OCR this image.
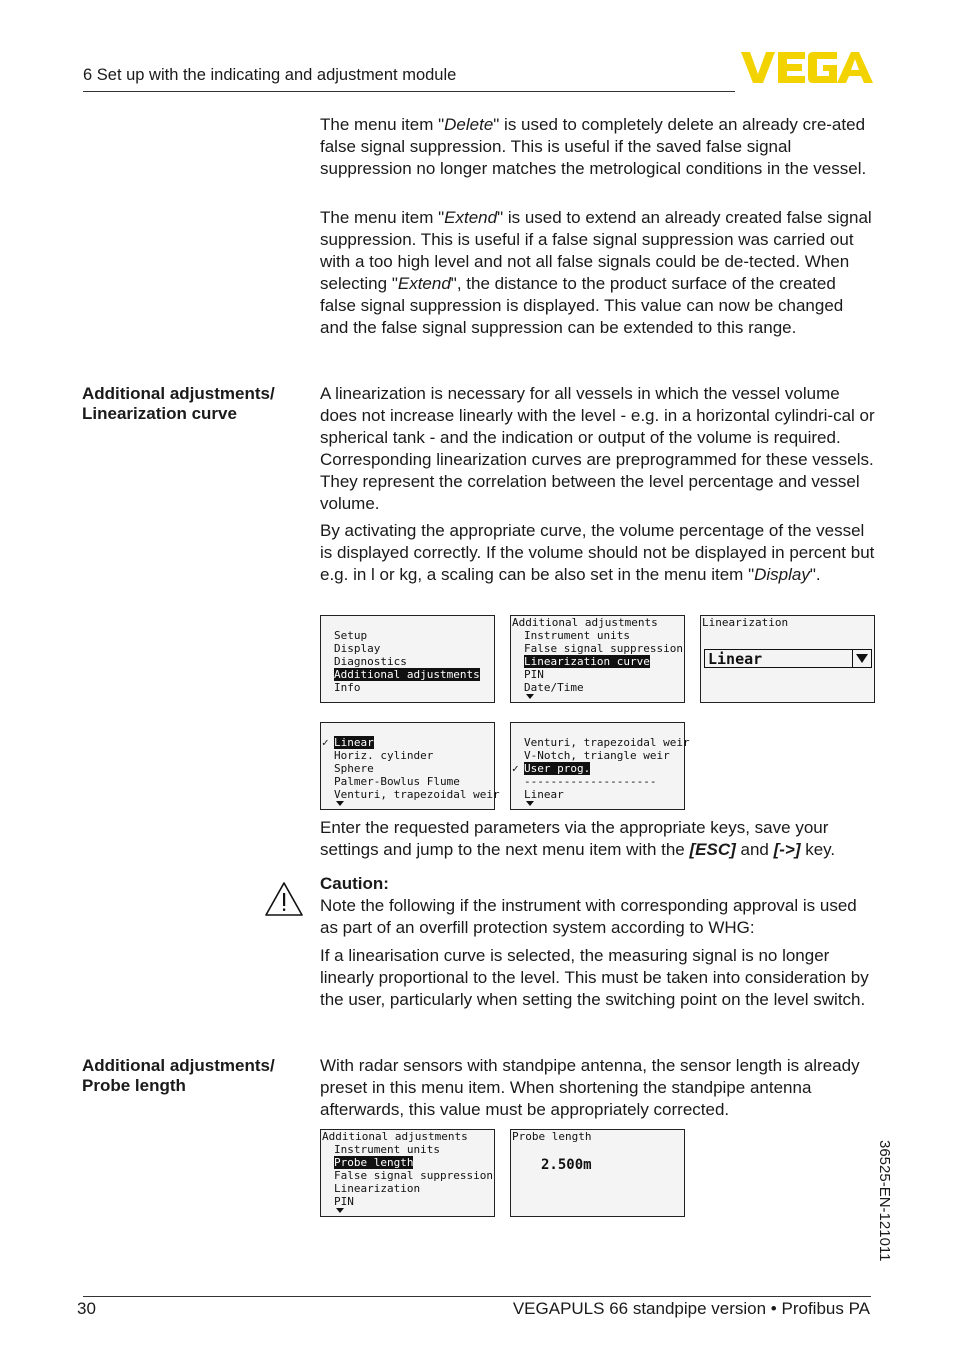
6 Set up with the indicating and adjustment module

The menu item "Delete" is used to completely delete an already cre-ated false signal suppression. This is useful if the saved false signal suppression no longer matches the metrological conditions in the vessel.

The menu item "Extend" is used to extend an already created false signal suppression. This is useful if a false signal suppression was carried out with a too high level and not all false signals could be de-tected. When selecting "Extend", the distance to the product surface of the created false signal suppression is displayed. This value can now be changed and the false signal suppression can be extended to this range.

Additional adjustments/
Linearization curve

A linearization is necessary for all vessels in which the vessel volume does not increase linearly with the level - e.g. in a horizontal cylindri-cal or spherical tank - and the indication or output of the volume is required. Corresponding linearization curves are preprogrammed for these vessels. They represent the correlation between the level percentage and vessel volume.

By activating the appropriate curve, the volume percentage of the vessel is displayed correctly. If the volume should not be displayed in percent but e.g. in l or kg, a scaling can be also set in the menu item "Display".

Setup
Display
Diagnostics
Additional adjustments
Info
Additional adjustments
Instrument units
False signal suppression
Linearization curve
PIN
Date/Time
Linearization
Linear
✓ Linear
Horiz. cylinder
Sphere
Palmer-Bowlus Flume
Venturi, trapezoidal weir
Venturi, trapezoidal weir
V-Notch, triangle weir
✓ User prog.
--------------------
Linear

Enter the requested parameters via the appropriate keys, save your settings and jump to the next menu item with the [ESC] and [->] key.

Caution:

Note the following if the instrument with corresponding approval is used as part of an overfill protection system according to WHG:

If a linearisation curve is selected, the measuring signal is no longer linearly proportional to the level. This must be taken into consideration by the user, particularly when setting the switching point on the level switch.

Additional adjustments/
Probe length

With radar sensors with standpipe antenna, the sensor length is already preset in this menu item. When shortening the standpipe antenna afterwards, this value must be appropriately corrected.

Additional adjustments
Instrument units
Probe length
False signal suppression
Linearization
PIN
Probe length
2.500m	36525-EN-121011
30	VEGAPULS 66 standpipe version • Profibus PA
